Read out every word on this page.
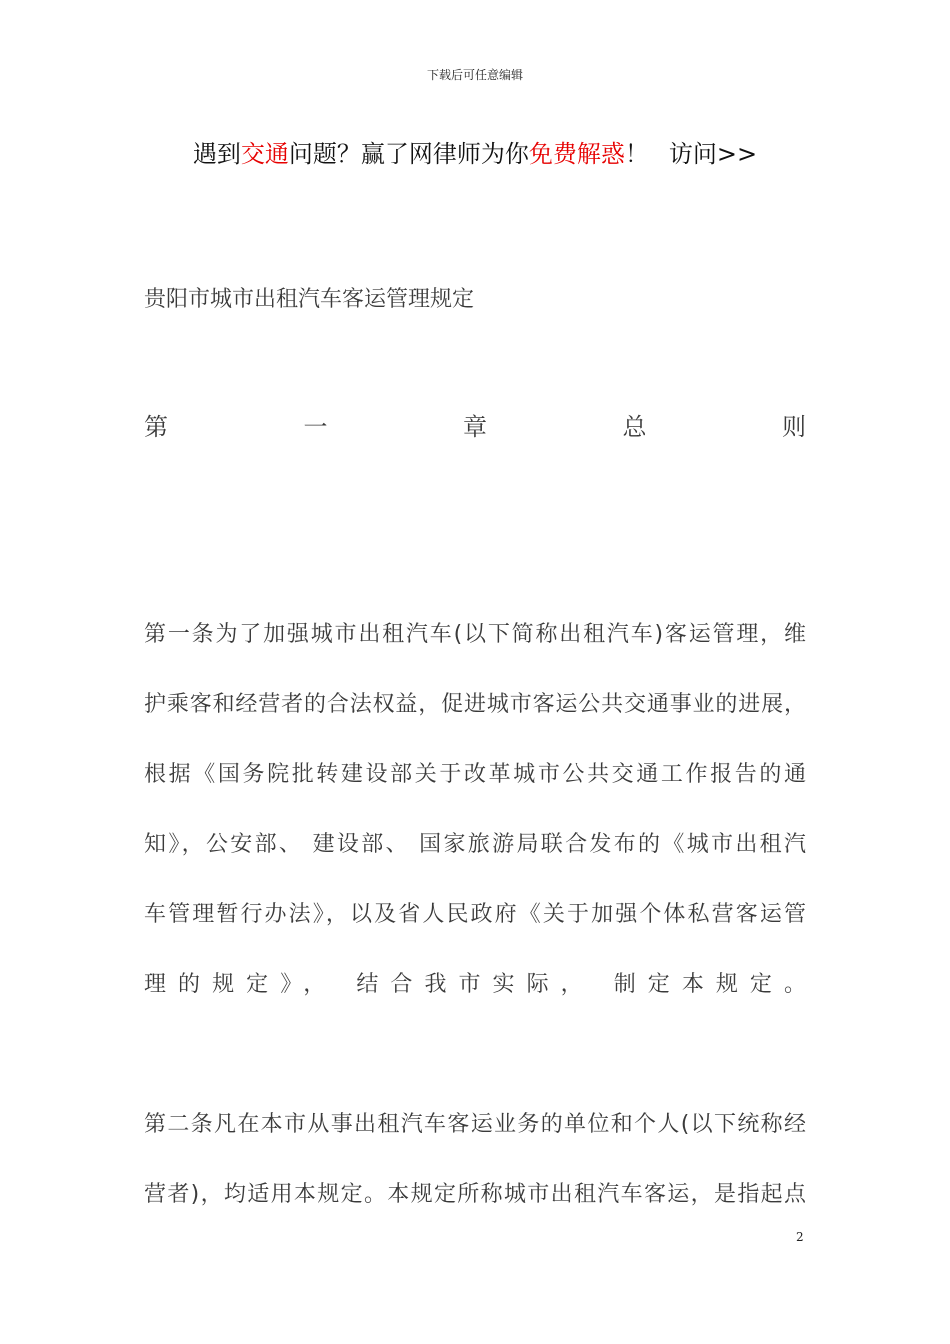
下载后可任意编辑
遇到交通问题？赢了网律师为你免费解惑！ 访问>>
贵阳市城市出租汽车客运管理规定
第	一	章	总	则
第一条为了加强城市出租汽车(以下简称出租汽车)客运管理，维
护乘客和经营者的合法权益，促进城市客运公共交通事业的进展，
根据《国务院批转建设部关于改革城市公共交通工作报告的通
知》，公安部、 建设部、 国家旅游局联合发布的《城市出租汽
车管理暂行办法》，以及省人民政府《关于加强个体私营客运管
理的规定》， 结合我市实际， 制定本规定。
第二条凡在本市从事出租汽车客运业务的单位和个人(以下统称经
营者)，均适用本规定。本规定所称城市出租汽车客运，是指起点
2
